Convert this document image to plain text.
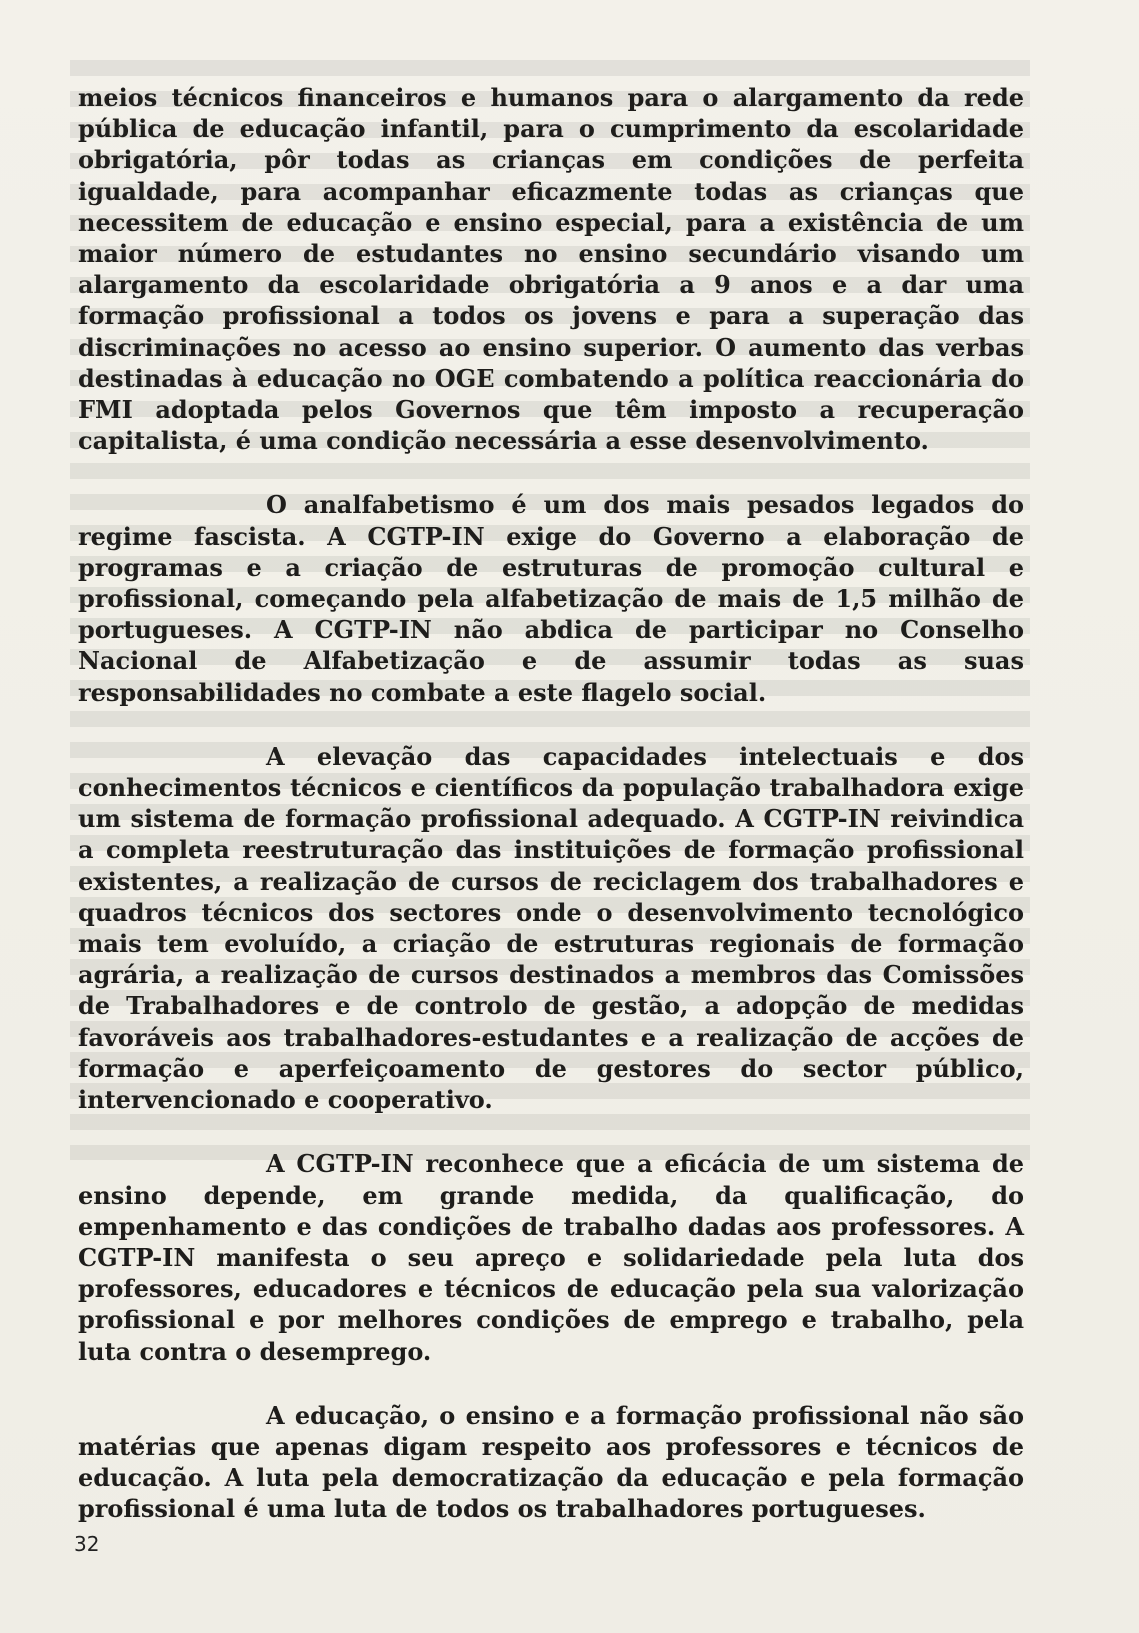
meios técnicos financeiros e humanos para o alargamento da rede pública de educação infantil, para o cumprimento da escolaridade obrigatória, pôr todas as crianças em condições de perfeita igualdade, para acompanhar eficazmente todas as crianças que necessitem de educação e ensino especial, para a existência de um maior número de estudantes no ensino secundário visando um alargamento da escolaridade obrigatória a 9 anos e a dar uma formação profissional a todos os jovens e para a superação das discriminações no acesso ao ensino superior. O aumento das verbas destinadas à educação no OGE combatendo a política reaccionária do FMI adoptada pelos Governos que têm imposto a recuperação capitalista, é uma condição necessária a esse desenvolvimento.

O analfabetismo é um dos mais pesados legados do regime fascista. A CGTP-IN exige do Governo a elaboração de programas e a criação de estruturas de promoção cultural e profissional, começando pela alfabetização de mais de 1,5 milhão de portugueses. A CGTP-IN não abdica de participar no Conselho Nacional de Alfabetização e de assumir todas as suas responsabilidades no combate a este flagelo social.

A elevação das capacidades intelectuais e dos conhecimentos técnicos e científicos da população trabalhadora exige um sistema de formação profissional adequado. A CGTP-IN reivindica a completa reestruturação das instituições de formação profissional existentes, a realização de cursos de reciclagem dos trabalhadores e quadros técnicos dos sectores onde o desenvolvimento tecnológico mais tem evoluído, a criação de estruturas regionais de formação agrária, a realização de cursos destinados a membros das Comissões de Trabalhadores e de controlo de gestão, a adopção de medidas favoráveis aos trabalhadores-estudantes e a realização de acções de formação e aperfeiçoamento de gestores do sector público, intervencionado e cooperativo.

A CGTP-IN reconhece que a eficácia de um sistema de ensino depende, em grande medida, da qualificação, do empenhamento e das condições de trabalho dadas aos professores. A CGTP-IN manifesta o seu apreço e solidariedade pela luta dos professores, educadores e técnicos de educação pela sua valorização profissional e por melhores condições de emprego e trabalho, pela luta contra o desemprego.

A educação, o ensino e a formação profissional não são matérias que apenas digam respeito aos professores e técnicos de educação. A luta pela democratização da educação e pela formação profissional é uma luta de todos os trabalhadores portugueses.

32
